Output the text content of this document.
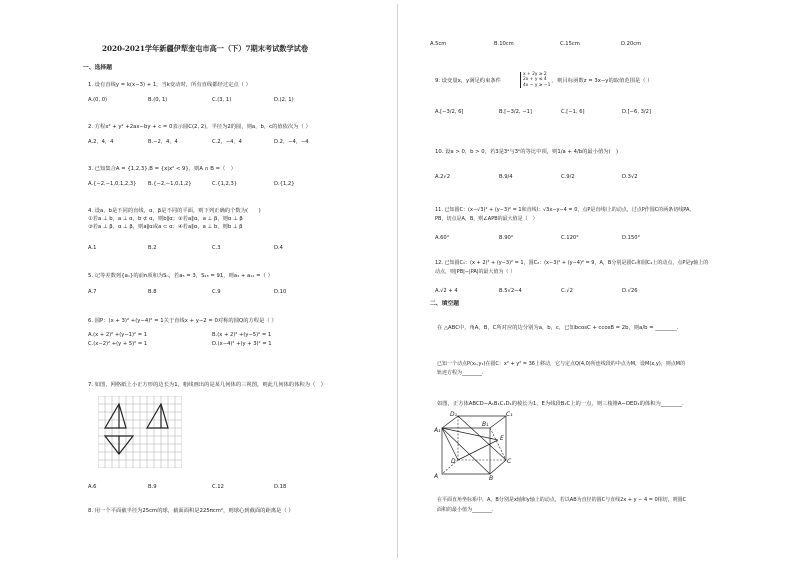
2020-2021学年新疆伊犁奎屯市高一（下）7期末考试数学试卷
一、选择题
1. 设有直线y = k(x−3) + 1，当k变动时，所有直线都经过定点（ ）
A.(0, 0)	B.(0, 1)	C.(3, 1)	D.(2, 1)
2. 方程x² + y² +2ax−by + c = 0表示圆C(2, 2)，半径为2的圆，则a，b，c的值依次为（ ）
A.2，4，4	B.−2，4，4	C.2，−4，4	D.2，−4，−4
3. 已知集合A = {1,2,3},B = {x|x² < 9}，则A ∩ B =（　）
A.{−2,−1,0,1,2,3} B.{−2,−1,0,1,2}	C.{1,2,3}	D.{1,2}
4. 设a，b是不同的直线，α，β是不同的平面，则下列正确的个数为(　　)
①若a ⊥ b，a ⊥ α，b ⊄ α，则b∥α；②若a∥α，a ⊥ β，则α ⊥ β
③若a ⊥ β，α ⊥ β，则a∥α或a ⊂ α；④若a∥α，a ⊥ b，则b ⊥ β
A.1	B.2	C.3	D.4
5. 记等差数列{aₙ}的前n项和为Sₙ，若a₅ = 3，S₁₃ = 91，则a₁ + a₁₁ =（ ）
A.7	B.8	C.9	D.10
6. 圆P：(x + 3)² +(y−4)² = 1关于直线x + y−2 = 0对称的圆Q的方程是（ ）
A.(x + 2)² +(y−1)² = 1	B.(x + 2)² +(y−5)² = 1
C.(x−2)² +(y + 5)² = 1	D.(x−4)² +(y + 3)² = 1
7. 如图，网格纸上小正方形的边长为1，粗线画出的是某几何体的三视图，则此几何体的体积为（　）
A.6	B.9	C.12	D.18
8. 用一个平面截半径为25cm的球，截面面积是225πcm²，则球心到截面的距离是（ ）
A.5cm	B.10cm	C.15cm	D.20cm
9. 设变量x，y满足约束条件
x + 2y ≥ 2
2x + y ≤ 4
4x − y ≥ −1
，则目标函数z = 3x−y的取值范围是（ ）
A.[−3/2, 6]	B.[−3/2, −1]	C.[−1, 6]	D.[−6, 3/2]
10. 设a > 0，b > 0，若3是3ᵃ与3ᵇ的等比中项，则1/a + 4/b的最小值为(　)
A.2√2	B.9/4	C.9/2	D.3√2
11. 已知圆C：(x−√3)² + (y−3)² = 1和直线l：√3x−y−4 = 0，点P是直线l上的动点，过点P作圆C的两条切线PA，
PB，切点是A，B，则∠APB的最大值是（　）
A.60°	B.90°	C.120°	D.150°
12. 已知圆C₁：(x + 2)² + (y−3)² = 1，圆C₂：(x−3)² + (y−4)² = 9，A，B分别是圆C₁和圆C₂上的动点，点P是y轴上的
动点，则|PB|−|PA|的最大值为（ ）
A.√2 + 4	B.5√2−4	C.√2	D.√26
二、填空题
在 △ABC中，角A，B，C所对应的边分别为a，b，c，已知bcosC + ccosB = 2b，则a/b = ________.
已知一个动点P(x₁,y₁)在圆C：x² + y² = 36上移动，它与定点Q(4,0)所连线段的中点为M，设M(x,y)，则点M的
轨迹方程为________.
如图，正方体ABCD−A₁B₁C₁D₁的棱长为1，E为线段B₁C上的一点，则三棱锥A−DED₁的体积为________.
D₁	C₁
A₁
B₁
E
D	C
A	B
在平面直角坐标系中，A，B分别是x轴和y轴上的动点，若以AB为直径的圆C与直线2x + y − 4 = 0相切，则圆C
面积的最小值为________.
